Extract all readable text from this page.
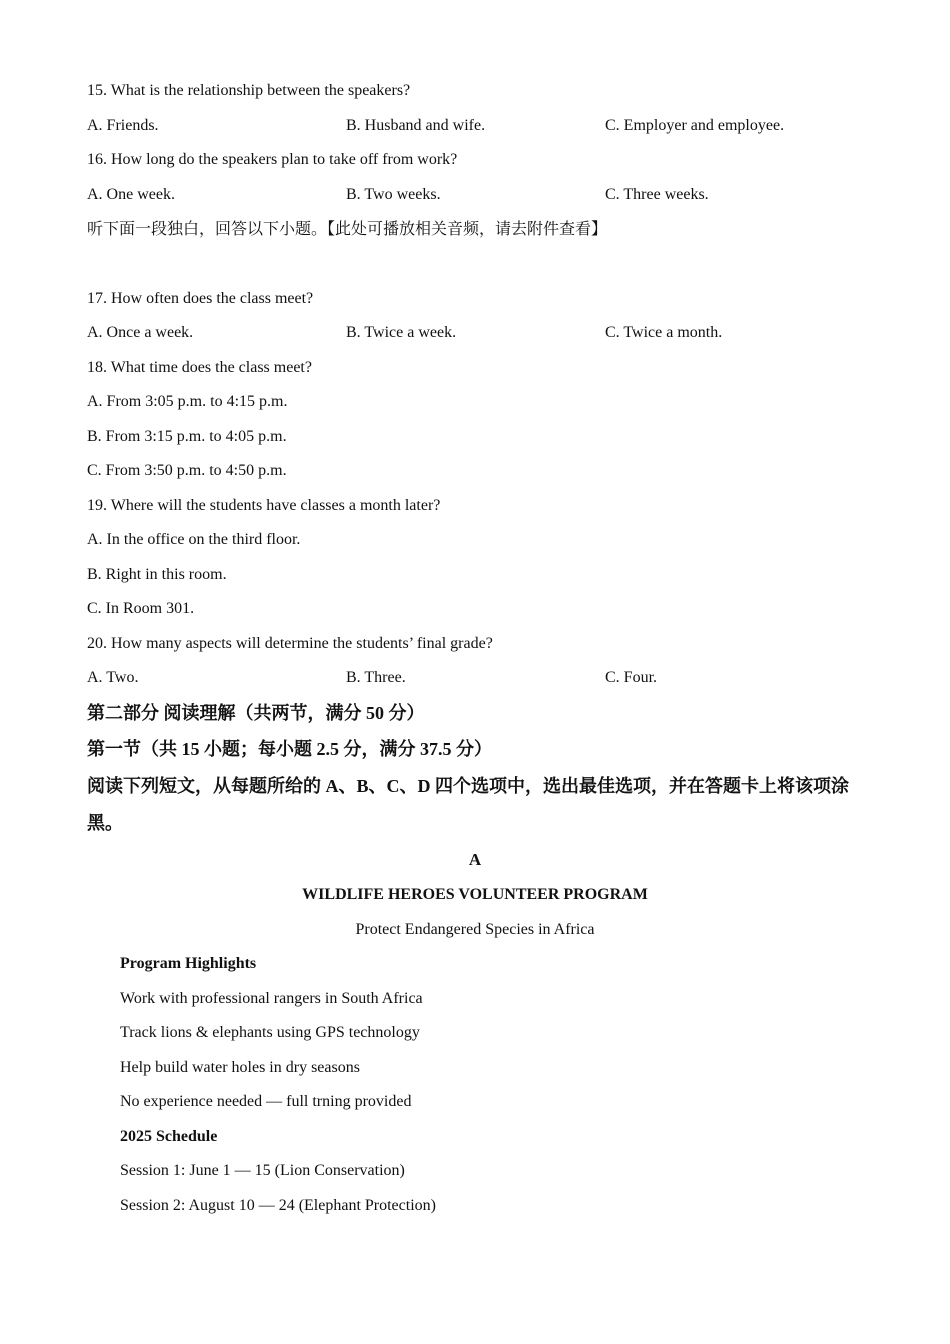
15. What is the relationship between the speakers?
A. Friends.	B. Husband and wife.	C. Employer and employee.
16. How long do the speakers plan to take off from work?
A. One week.	B. Two weeks.	C. Three weeks.
听下面一段独白，回答以下小题。【此处可播放相关音频，请去附件查看】
17. How often does the class meet?
A. Once a week.	B. Twice a week.	C. Twice a month.
18. What time does the class meet?
A. From 3:05 p.m. to 4:15 p.m.
B. From 3:15 p.m. to 4:05 p.m.
C. From 3:50 p.m. to 4:50 p.m.
19. Where will the students have classes a month later?
A. In the office on the third floor.
B. Right in this room.
C. In Room 301.
20. How many aspects will determine the students’ final grade?
A. Two.	B. Three.	C. Four.
第二部分 阅读理解（共两节，满分 50 分）
第一节（共 15 小题；每小题 2.5 分，满分 37.5 分）
阅读下列短文，从每题所给的 A、B、C、D 四个选项中，选出最佳选项，并在答题卡上将该项涂黑。
A
WILDLIFE HEROES VOLUNTEER PROGRAM
Protect Endangered Species in Africa
Program Highlights
Work with professional rangers in South Africa
Track lions & elephants using GPS technology
Help build water holes in dry seasons
No experience needed — full trning provided
2025 Schedule
Session 1: June 1 — 15 (Lion Conservation)
Session 2: August 10 — 24 (Elephant Protection)
